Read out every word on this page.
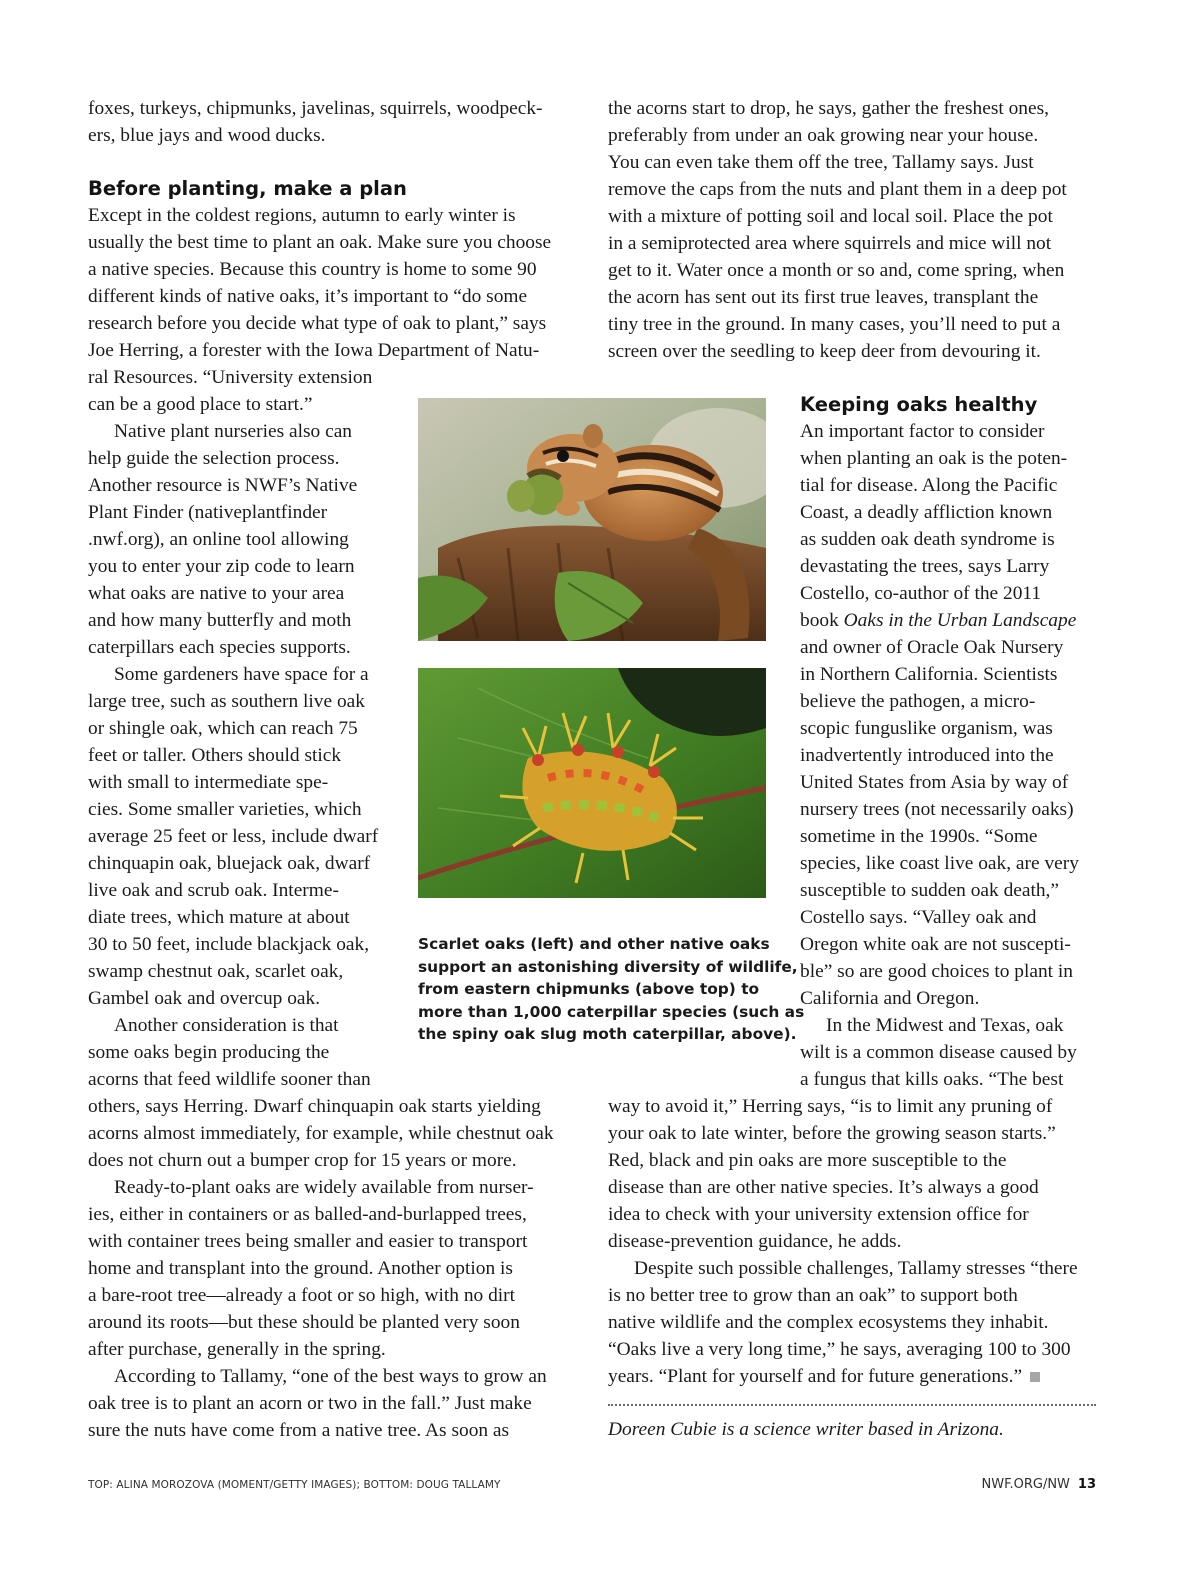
foxes, turkeys, chipmunks, javelinas, squirrels, woodpeck-
ers, blue jays and wood ducks.

Before planting, make a plan

Except in the coldest regions, autumn to early winter is
usually the best time to plant an oak. Make sure you choose
a native species. Because this country is home to some 90
different kinds of native oaks, it’s important to “do some
research before you decide what type of oak to plant,” says
Joe Herring, a forester with the Iowa Department of Natu-
ral Resources. “University extension
can be a good place to start.”

Native plant nurseries also can
help guide the selection process.
Another resource is NWF’s Native
Plant Finder (nativeplantfinder
.nwf.org), an online tool allowing
you to enter your zip code to learn
what oaks are native to your area
and how many butterfly and moth
caterpillars each species supports.

Some gardeners have space for a
large tree, such as southern live oak
or shingle oak, which can reach 75
feet or taller. Others should stick
with small to intermediate spe-
cies. Some smaller varieties, which
average 25 feet or less, include dwarf
chinquapin oak, bluejack oak, dwarf
live oak and scrub oak. Interme-
diate trees, which mature at about
30 to 50 feet, include blackjack oak,
swamp chestnut oak, scarlet oak,
Gambel oak and overcup oak.

Another consideration is that
some oaks begin producing the
acorns that feed wildlife sooner than
others, says Herring. Dwarf chinquapin oak starts yielding
acorns almost immediately, for example, while chestnut oak
does not churn out a bumper crop for 15 years or more.

Ready-to-plant oaks are widely available from nurser-
ies, either in containers or as balled-and-burlapped trees,
with container trees being smaller and easier to transport
home and transplant into the ground. Another option is
a bare-root tree—already a foot or so high, with no dirt
around its roots—but these should be planted very soon
after purchase, generally in the spring.

According to Tallamy, “one of the best ways to grow an
oak tree is to plant an acorn or two in the fall.” Just make
sure the nuts have come from a native tree. As soon as

the acorns start to drop, he says, gather the freshest ones,
preferably from under an oak growing near your house.
You can even take them off the tree, Tallamy says. Just
remove the caps from the nuts and plant them in a deep pot
with a mixture of potting soil and local soil. Place the pot
in a semiprotected area where squirrels and mice will not
get to it. Water once a month or so and, come spring, when
the acorn has sent out its first true leaves, transplant the
tiny tree in the ground. In many cases, you’ll need to put a
screen over the seedling to keep deer from devouring it.

Keeping oaks healthy

An important factor to consider
when planting an oak is the poten-
tial for disease. Along the Pacific
Coast, a deadly affliction known
as sudden oak death syndrome is
devastating the trees, says Larry
Costello, co-author of the 2011
book Oaks in the Urban Landscape
and owner of Oracle Oak Nursery
in Northern California. Scientists
believe the pathogen, a micro-
scopic funguslike organism, was
inadvertently introduced into the
United States from Asia by way of
nursery trees (not necessarily oaks)
sometime in the 1990s. “Some
species, like coast live oak, are very
susceptible to sudden oak death,”
Costello says. “Valley oak and
Oregon white oak are not suscepti-
ble” so are good choices to plant in
California and Oregon.

In the Midwest and Texas, oak
wilt is a common disease caused by
a fungus that kills oaks. “The best

way to avoid it,” Herring says, “is to limit any pruning of
your oak to late winter, before the growing season starts.”
Red, black and pin oaks are more susceptible to the
disease than are other native species. It’s always a good
idea to check with your university extension office for
disease-prevention guidance, he adds.

Despite such possible challenges, Tallamy stresses “there
is no better tree to grow than an oak” to support both
native wildlife and the complex ecosystems they inhabit.
“Oaks live a very long time,” he says, averaging 100 to 300
years. “Plant for yourself and for future generations.”

Doreen Cubie is a science writer based in Arizona.

Scarlet oaks (left) and other native oaks
support an astonishing diversity of wildlife,
from eastern chipmunks (above top) to
more than 1,000 caterpillar species (such as
the spiny oak slug moth caterpillar, above).

TOP: ALINA MOROZOVA (MOMENT/GETTY IMAGES); BOTTOM: DOUG TALLAMY	NWF.ORG/NW 13
